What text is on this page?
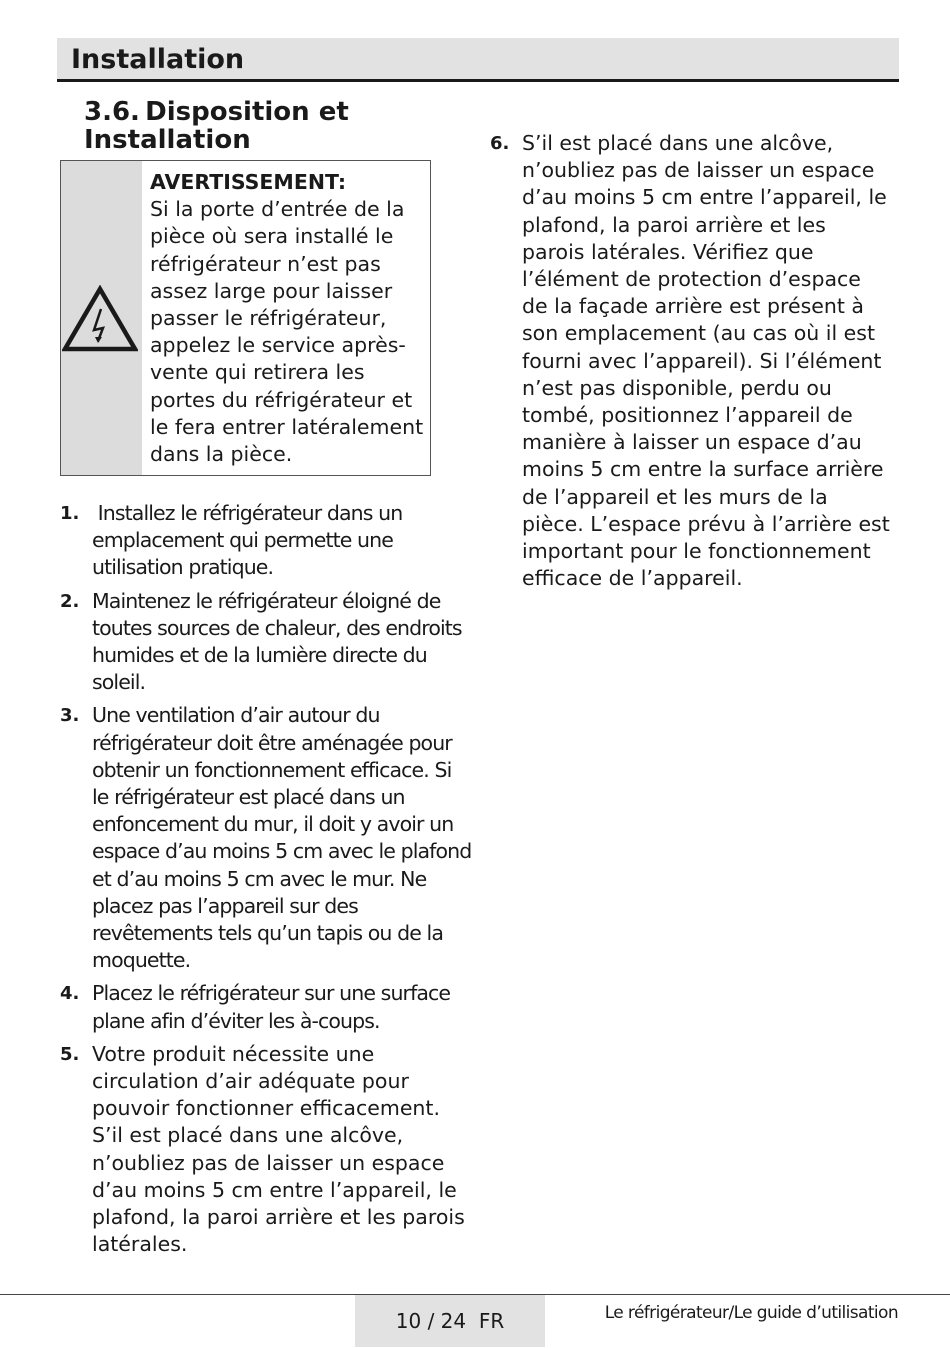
Installation
3.6. Disposition et Installation
AVERTISSEMENT:
Si la porte d’entrée de la pièce où sera installé le réfrigérateur n’est pas assez large pour laisser passer le réfrigérateur, appelez le service après-vente qui retirera les portes du réfrigérateur et le fera entrer latéralement dans la pièce.
1. Installez le réfrigérateur dans un emplacement qui permette une utilisation pratique.
2. Maintenez le réfrigérateur éloigné de toutes sources de chaleur, des endroits humides et de la lumière directe du soleil.
3. Une ventilation d’air autour du réfrigérateur doit être aménagée pour obtenir un fonctionnement efficace. Si le réfrigérateur est placé dans un enfoncement du mur, il doit y avoir un espace d’au moins 5 cm avec le plafond et d’au moins 5 cm avec le mur. Ne placez pas l’appareil sur des revêtements tels qu’un tapis ou de la moquette.
4. Placez le réfrigérateur sur une surface plane afin d’éviter les à-coups.
5. Votre produit nécessite une circulation d’air adéquate pour pouvoir fonctionner efficacement. S’il est placé dans une alcôve, n’oubliez pas de laisser un espace d’au moins 5 cm entre l’appareil, le plafond, la paroi arrière et les parois latérales.
6. S’il est placé dans une alcôve, n’oubliez pas de laisser un espace d’au moins 5 cm entre l’appareil, le plafond, la paroi arrière et les parois latérales. Vérifiez que l’élément de protection d’espace de la façade arrière est présent à son emplacement (au cas où il est fourni avec l’appareil). Si l’élément n’est pas disponible, perdu ou tombé, positionnez l’appareil de manière à laisser un espace d’au moins 5 cm entre la surface arrière de l’appareil et les murs de la pièce. L’espace prévu à l’arrière est important pour le fonctionnement efficace de l’appareil.
10 / 24  FR	Le réfrigérateur/Le guide d’utilisation
